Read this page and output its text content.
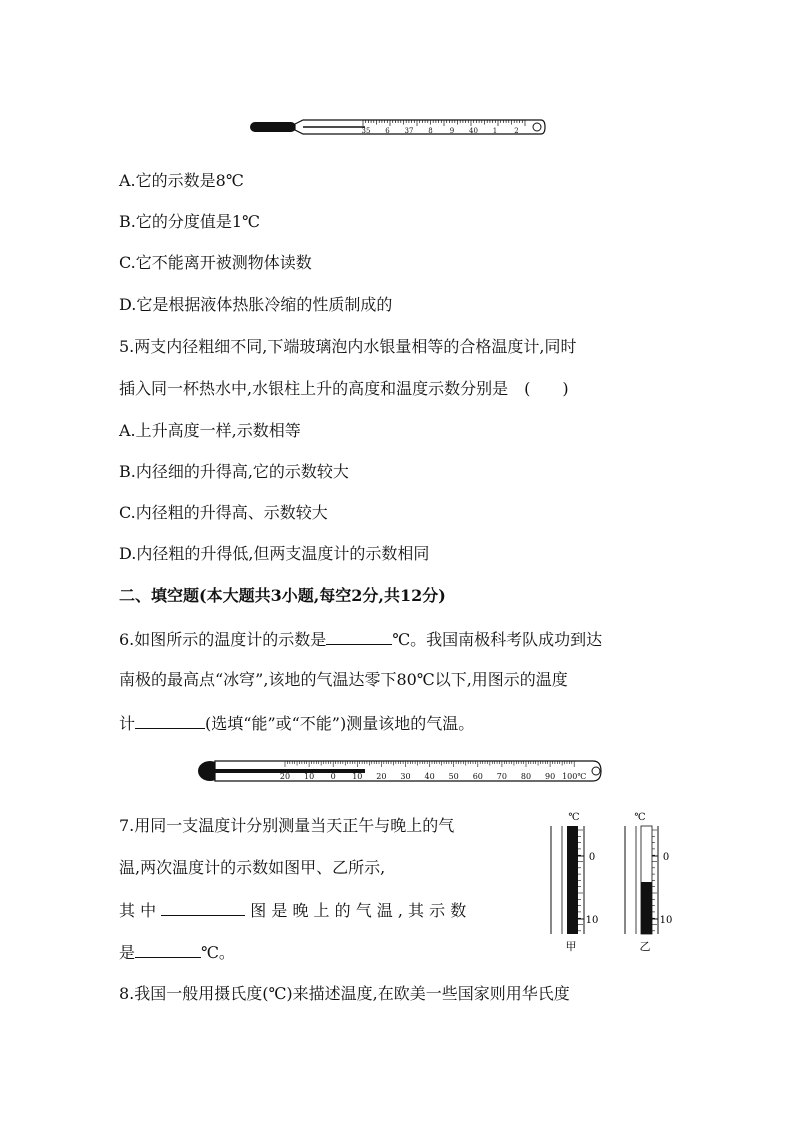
35 6 37 8 9 40 1 2
A.它的示数是8℃
B.它的分度值是1℃
C.它不能离开被测物体读数
D.它是根据液体热胀冷缩的性质制成的
5.两支内径粗细不同,下端玻璃泡内水银量相等的合格温度计,同时
插入同一杯热水中,水银柱上升的高度和温度示数分别是　(　　)
A.上升高度一样,示数相等
B.内径细的升得高,它的示数较大
C.内径粗的升得高、示数较大
D.内径粗的升得低,但两支温度计的示数相同
二、填空题(本大题共3小题,每空2分,共12分)
6.如图所示的温度计的示数是	℃。我国南极科考队成功到达
南极的最高点“冰穹”,该地的气温达零下80℃以下,用图示的温度
计	(选填“能”或“不能”)测量该地的气温。
20 10 0 10 20 30 40 50 60 70 80 90 100℃
7.用同一支温度计分别测量当天正午与晚上的气
温,两次温度计的示数如图甲、乙所示,
其 中	图 是 晚 上 的 气 温 , 其 示 数
是	℃。
℃
0
10
甲
℃
0
10
乙
8.我国一般用摄氏度(℃)来描述温度,在欧美一些国家则用华氏度
